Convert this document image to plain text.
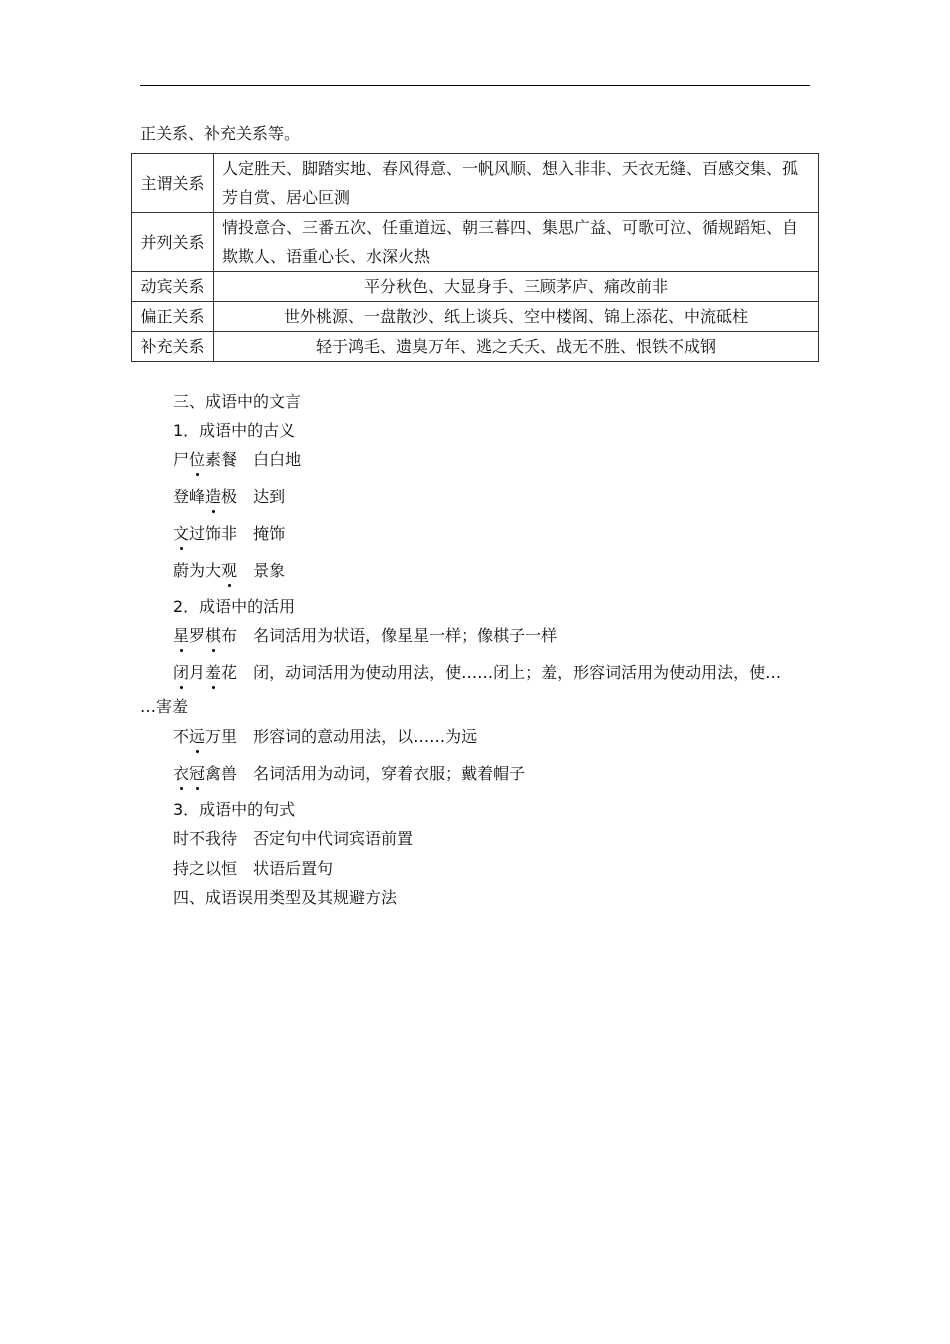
正关系、补充关系等。
主谓关系	人定胜天、脚踏实地、春风得意、一帆风顺、想入非非、天衣无缝、百感交集、孤芳自赏、居心叵测
并列关系	情投意合、三番五次、任重道远、朝三暮四、集思广益、可歌可泣、循规蹈矩、自欺欺人、语重心长、水深火热
动宾关系	平分秋色、大显身手、三顾茅庐、痛改前非
偏正关系	世外桃源、一盘散沙、纸上谈兵、空中楼阁、锦上添花、中流砥柱
补充关系	轻于鸿毛、遗臭万年、逃之夭夭、战无不胜、恨铁不成钢
三、成语中的文言
1．成语中的古义
尸位素餐 白白地
登峰造极 达到
文过饰非 掩饰
蔚为大观 景象
2．成语中的活用
星罗棋布 名词活用为状语，像星星一样；像棋子一样
闭月羞花 闭，动词活用为使动用法，使……闭上；羞，形容词活用为使动用法，使…
…害羞
不远万里 形容词的意动用法，以……为远
衣冠禽兽 名词活用为动词，穿着衣服；戴着帽子
3．成语中的句式
时不我待 否定句中代词宾语前置
持之以恒 状语后置句
四、成语误用类型及其规避方法
